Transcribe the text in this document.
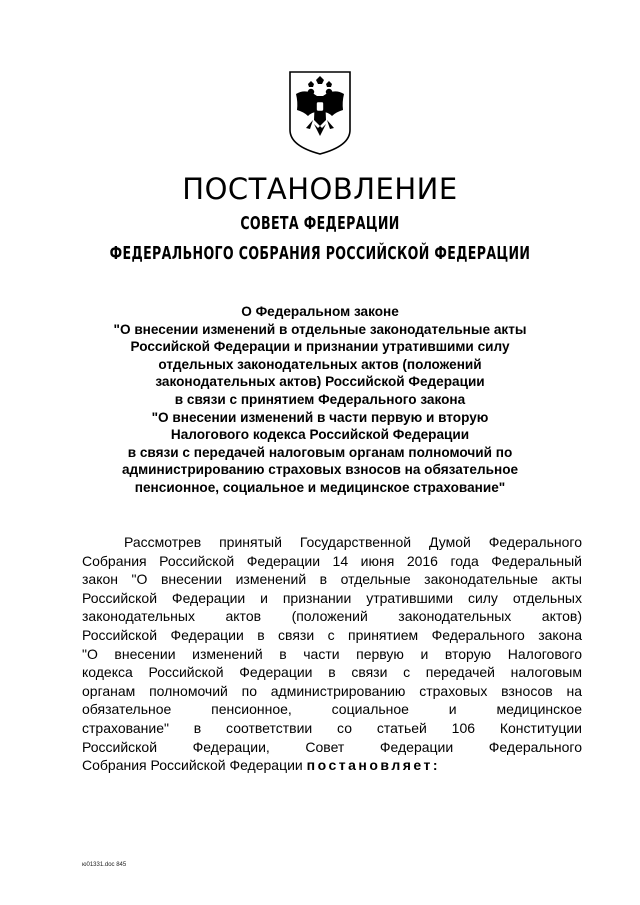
ПОСТАНОВЛЕНИЕ
СОВЕТА ФЕДЕРАЦИИ
ФЕДЕРАЛЬНОГО СОБРАНИЯ РОССИЙСКОЙ ФЕДЕРАЦИИ
О Федеральном законе
"О внесении изменений в отдельные законодательные акты
Российской Федерации и признании утратившими силу
отдельных законодательных актов (положений
законодательных актов) Российской Федерации
в связи с принятием Федерального закона
"О внесении изменений в части первую и вторую
Налогового кодекса Российской Федерации
в связи с передачей налоговым органам полномочий по
администрированию страховых взносов на обязательное
пенсионное, социальное и медицинское страхование"
Рассмотрев принятый Государственной Думой Федерального
Собрания Российской Федерации 14 июня 2016 года Федеральный
закон "О внесении изменений в отдельные законодательные акты
Российской Федерации и признании утратившими силу отдельных
законодательных актов (положений законодательных актов)
Российской Федерации в связи с принятием Федерального закона
"О внесении изменений в части первую и вторую Налогового
кодекса Российской Федерации в связи с передачей налоговым
органам полномочий по администрированию страховых взносов на
обязательное пенсионное, социальное и медицинское
страхование" в соответствии со статьей 106 Конституции
Российской Федерации, Совет Федерации Федерального
Собрания Российской Федерации постановляет:
ю01331.doc 845
